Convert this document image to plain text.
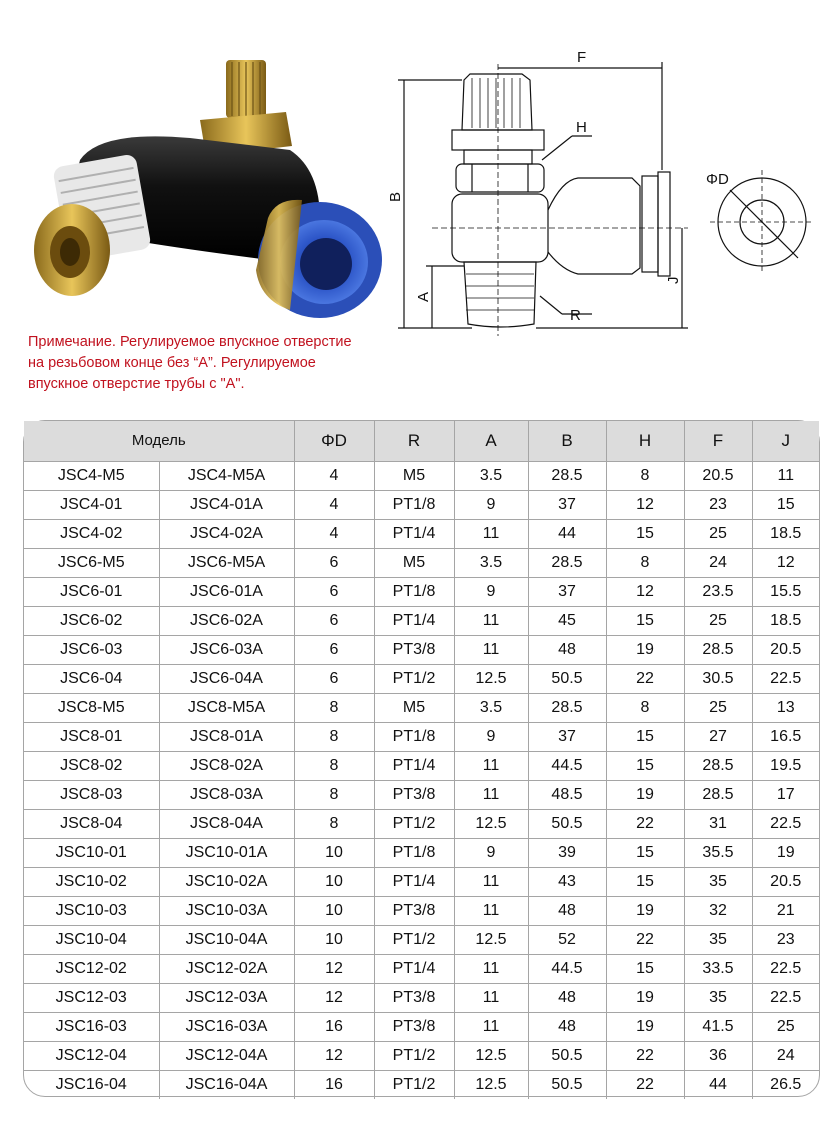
F
H
B
A
R
J
ΦD
Примечание. Регулируемое впускное отверстие
на резьбовом конце без “A”. Регулируемое
впускное отверстие трубы с "A".
Модель		ΦD	R	A	B	H	F	J
JSC4-M5	JSC4-M5A	4	M5	3.5	28.5	8	20.5	11
JSC4-01	JSC4-01A	4	PT1/8	9	37	12	23	15
JSC4-02	JSC4-02A	4	PT1/4	11	44	15	25	18.5
JSC6-M5	JSC6-M5A	6	M5	3.5	28.5	8	24	12
JSC6-01	JSC6-01A	6	PT1/8	9	37	12	23.5	15.5
JSC6-02	JSC6-02A	6	PT1/4	11	45	15	25	18.5
JSC6-03	JSC6-03A	6	PT3/8	11	48	19	28.5	20.5
JSC6-04	JSC6-04A	6	PT1/2	12.5	50.5	22	30.5	22.5
JSC8-M5	JSC8-M5A	8	M5	3.5	28.5	8	25	13
JSC8-01	JSC8-01A	8	PT1/8	9	37	15	27	16.5
JSC8-02	JSC8-02A	8	PT1/4	11	44.5	15	28.5	19.5
JSC8-03	JSC8-03A	8	PT3/8	11	48.5	19	28.5	17
JSC8-04	JSC8-04A	8	PT1/2	12.5	50.5	22	31	22.5
JSC10-01	JSC10-01A	10	PT1/8	9	39	15	35.5	19
JSC10-02	JSC10-02A	10	PT1/4	11	43	15	35	20.5
JSC10-03	JSC10-03A	10	PT3/8	11	48	19	32	21
JSC10-04	JSC10-04A	10	PT1/2	12.5	52	22	35	23
JSC12-02	JSC12-02A	12	PT1/4	11	44.5	15	33.5	22.5
JSC12-03	JSC12-03A	12	PT3/8	11	48	19	35	22.5
JSC16-03	JSC16-03A	16	PT3/8	11	48	19	41.5	25
JSC12-04	JSC12-04A	12	PT1/2	12.5	50.5	22	36	24
JSC16-04	JSC16-04A	16	PT1/2	12.5	50.5	22	44	26.5
